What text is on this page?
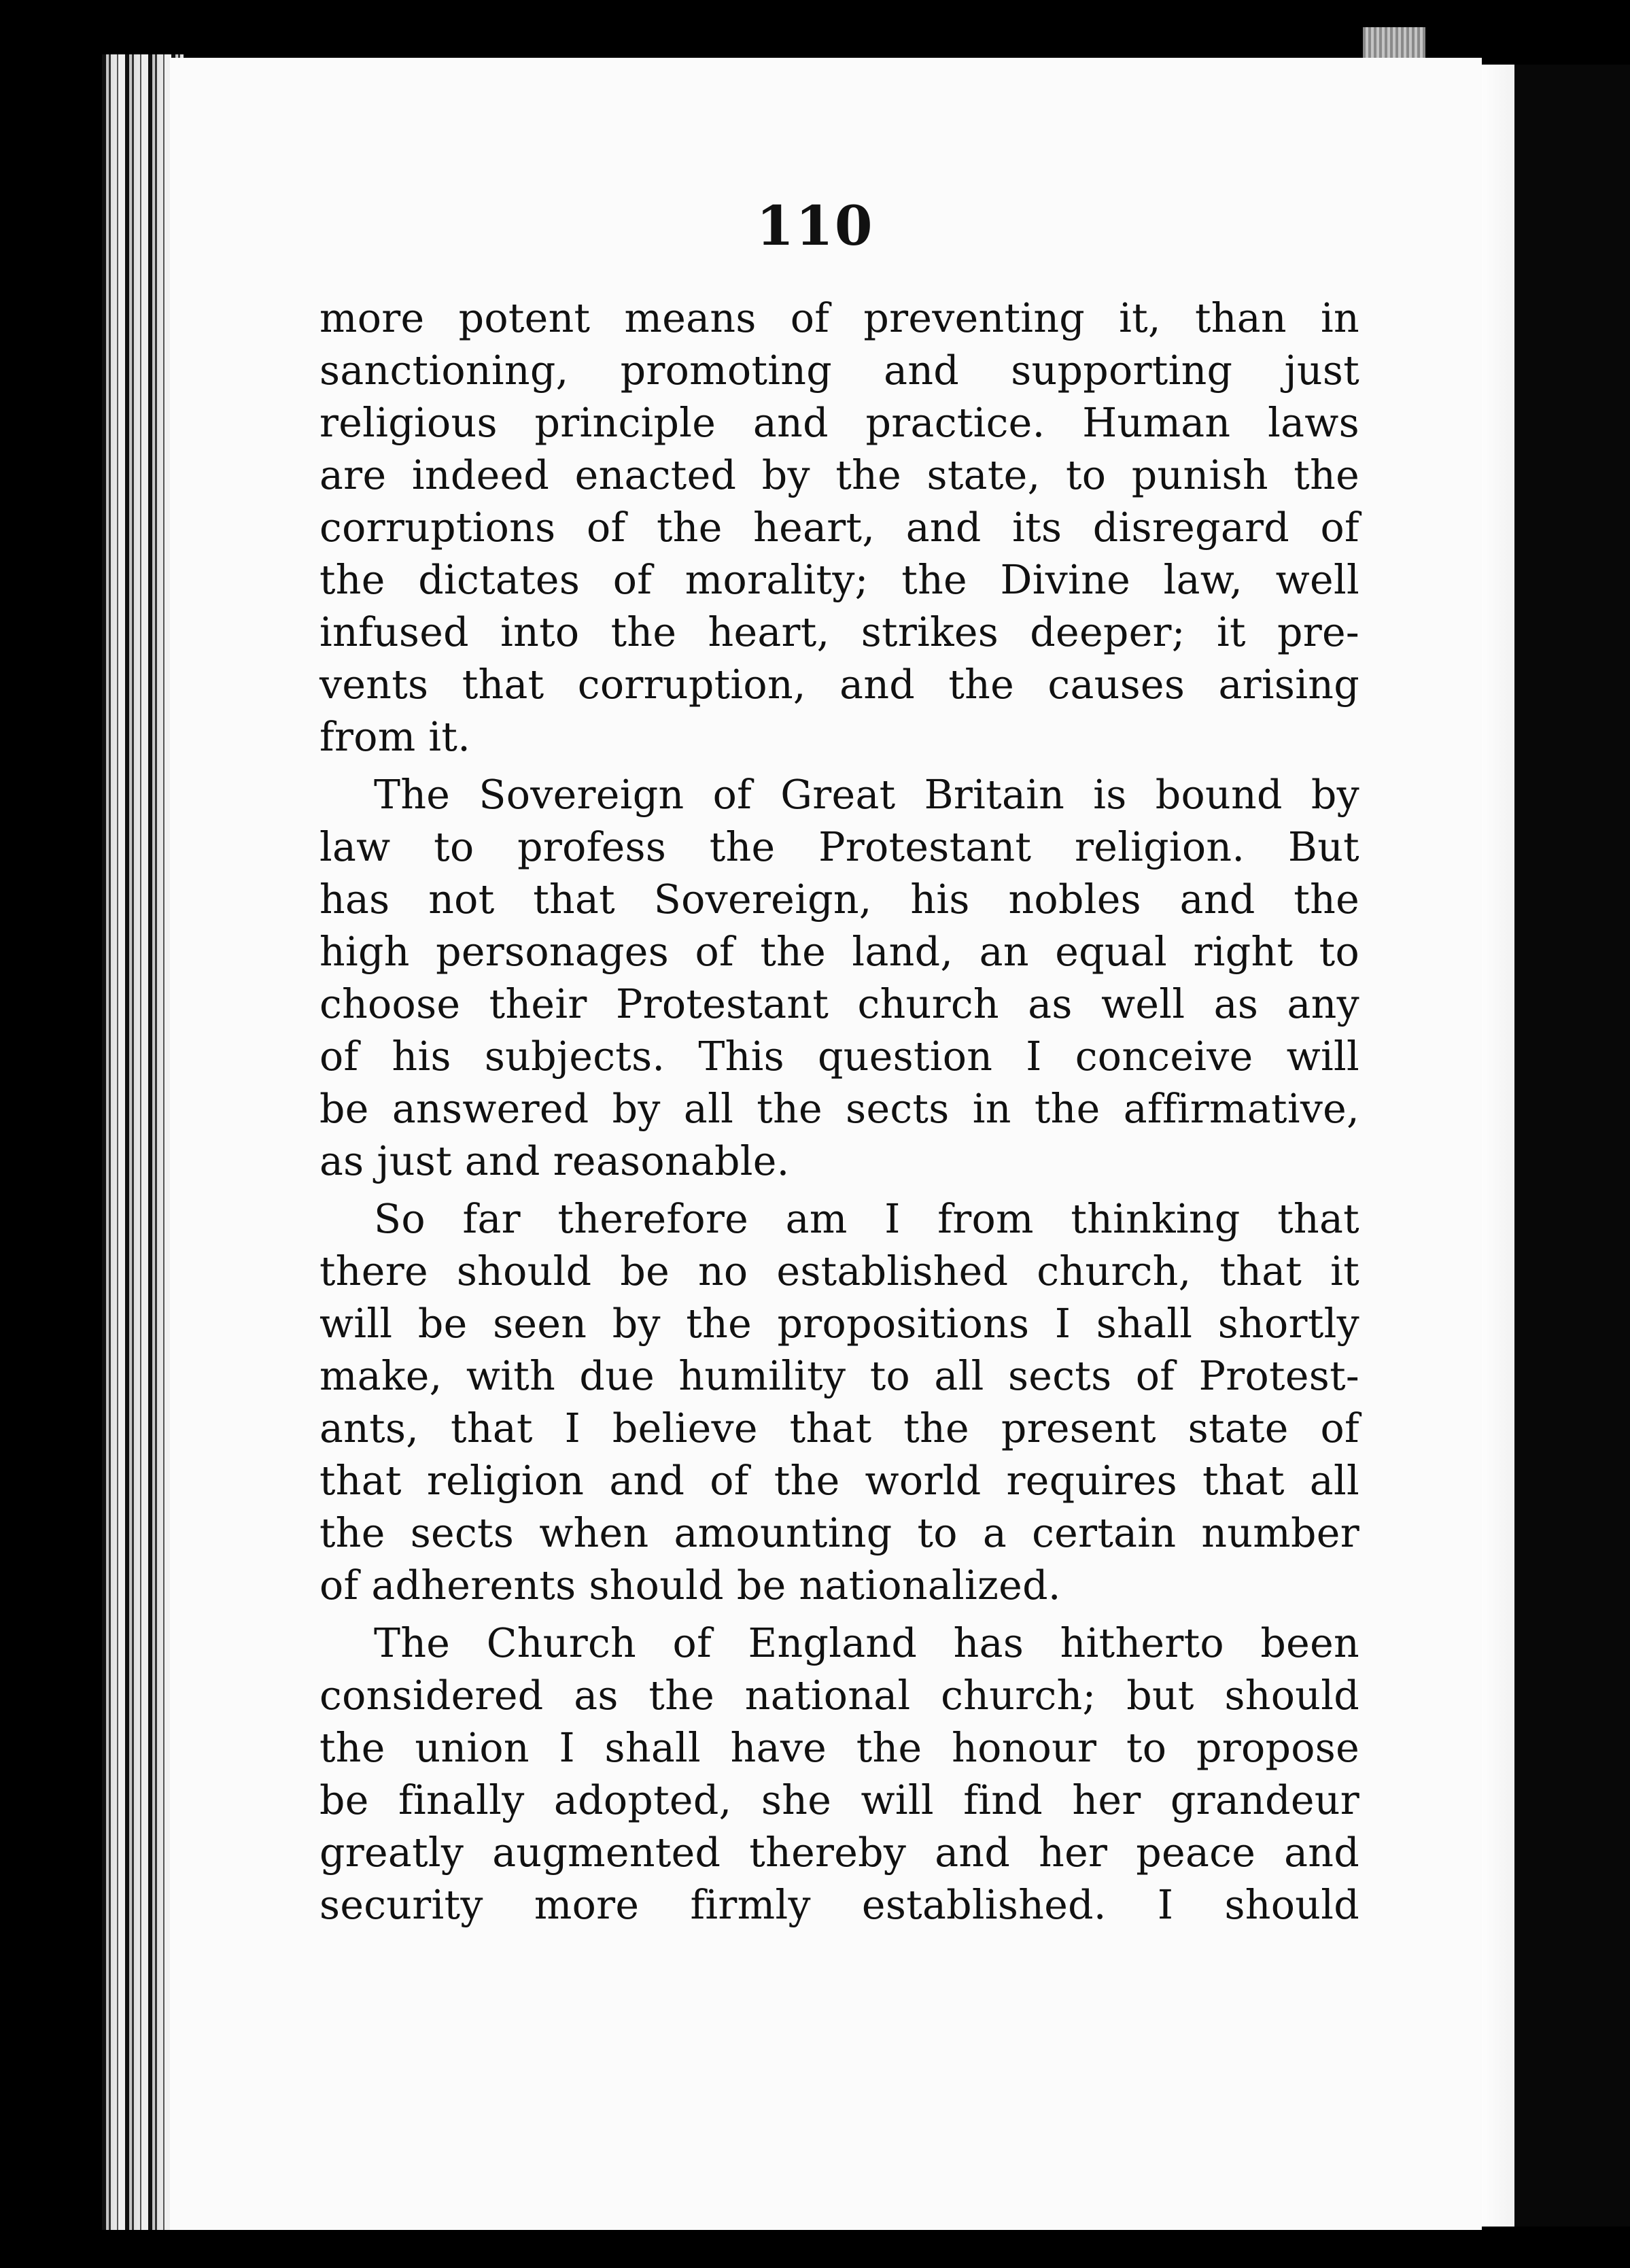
110
more potent means of preventing it, than in
sanctioning, promoting and supporting just
religious principle and practice. Human laws
are indeed enacted by the state, to punish the
corruptions of the heart, and its disregard of
the dictates of morality; the Divine law, well
infused into the heart, strikes deeper; it pre-
vents that corruption, and the causes arising
from it.
The Sovereign of Great Britain is bound by
law to profess the Protestant religion. But
has not that Sovereign, his nobles and the
high personages of the land, an equal right to
choose their Protestant church as well as any
of his subjects. This question I conceive will
be answered by all the sects in the affirmative,
as just and reasonable.
So far therefore am I from thinking that
there should be no established church, that it
will be seen by the propositions I shall shortly
make, with due humility to all sects of Protest-
ants, that I believe that the present state of
that religion and of the world requires that all
the sects when amounting to a certain number
of adherents should be nationalized.
The Church of England has hitherto been
considered as the national church; but should
the union I shall have the honour to propose
be finally adopted, she will find her grandeur
greatly augmented thereby and her peace and
security more firmly established. I should
